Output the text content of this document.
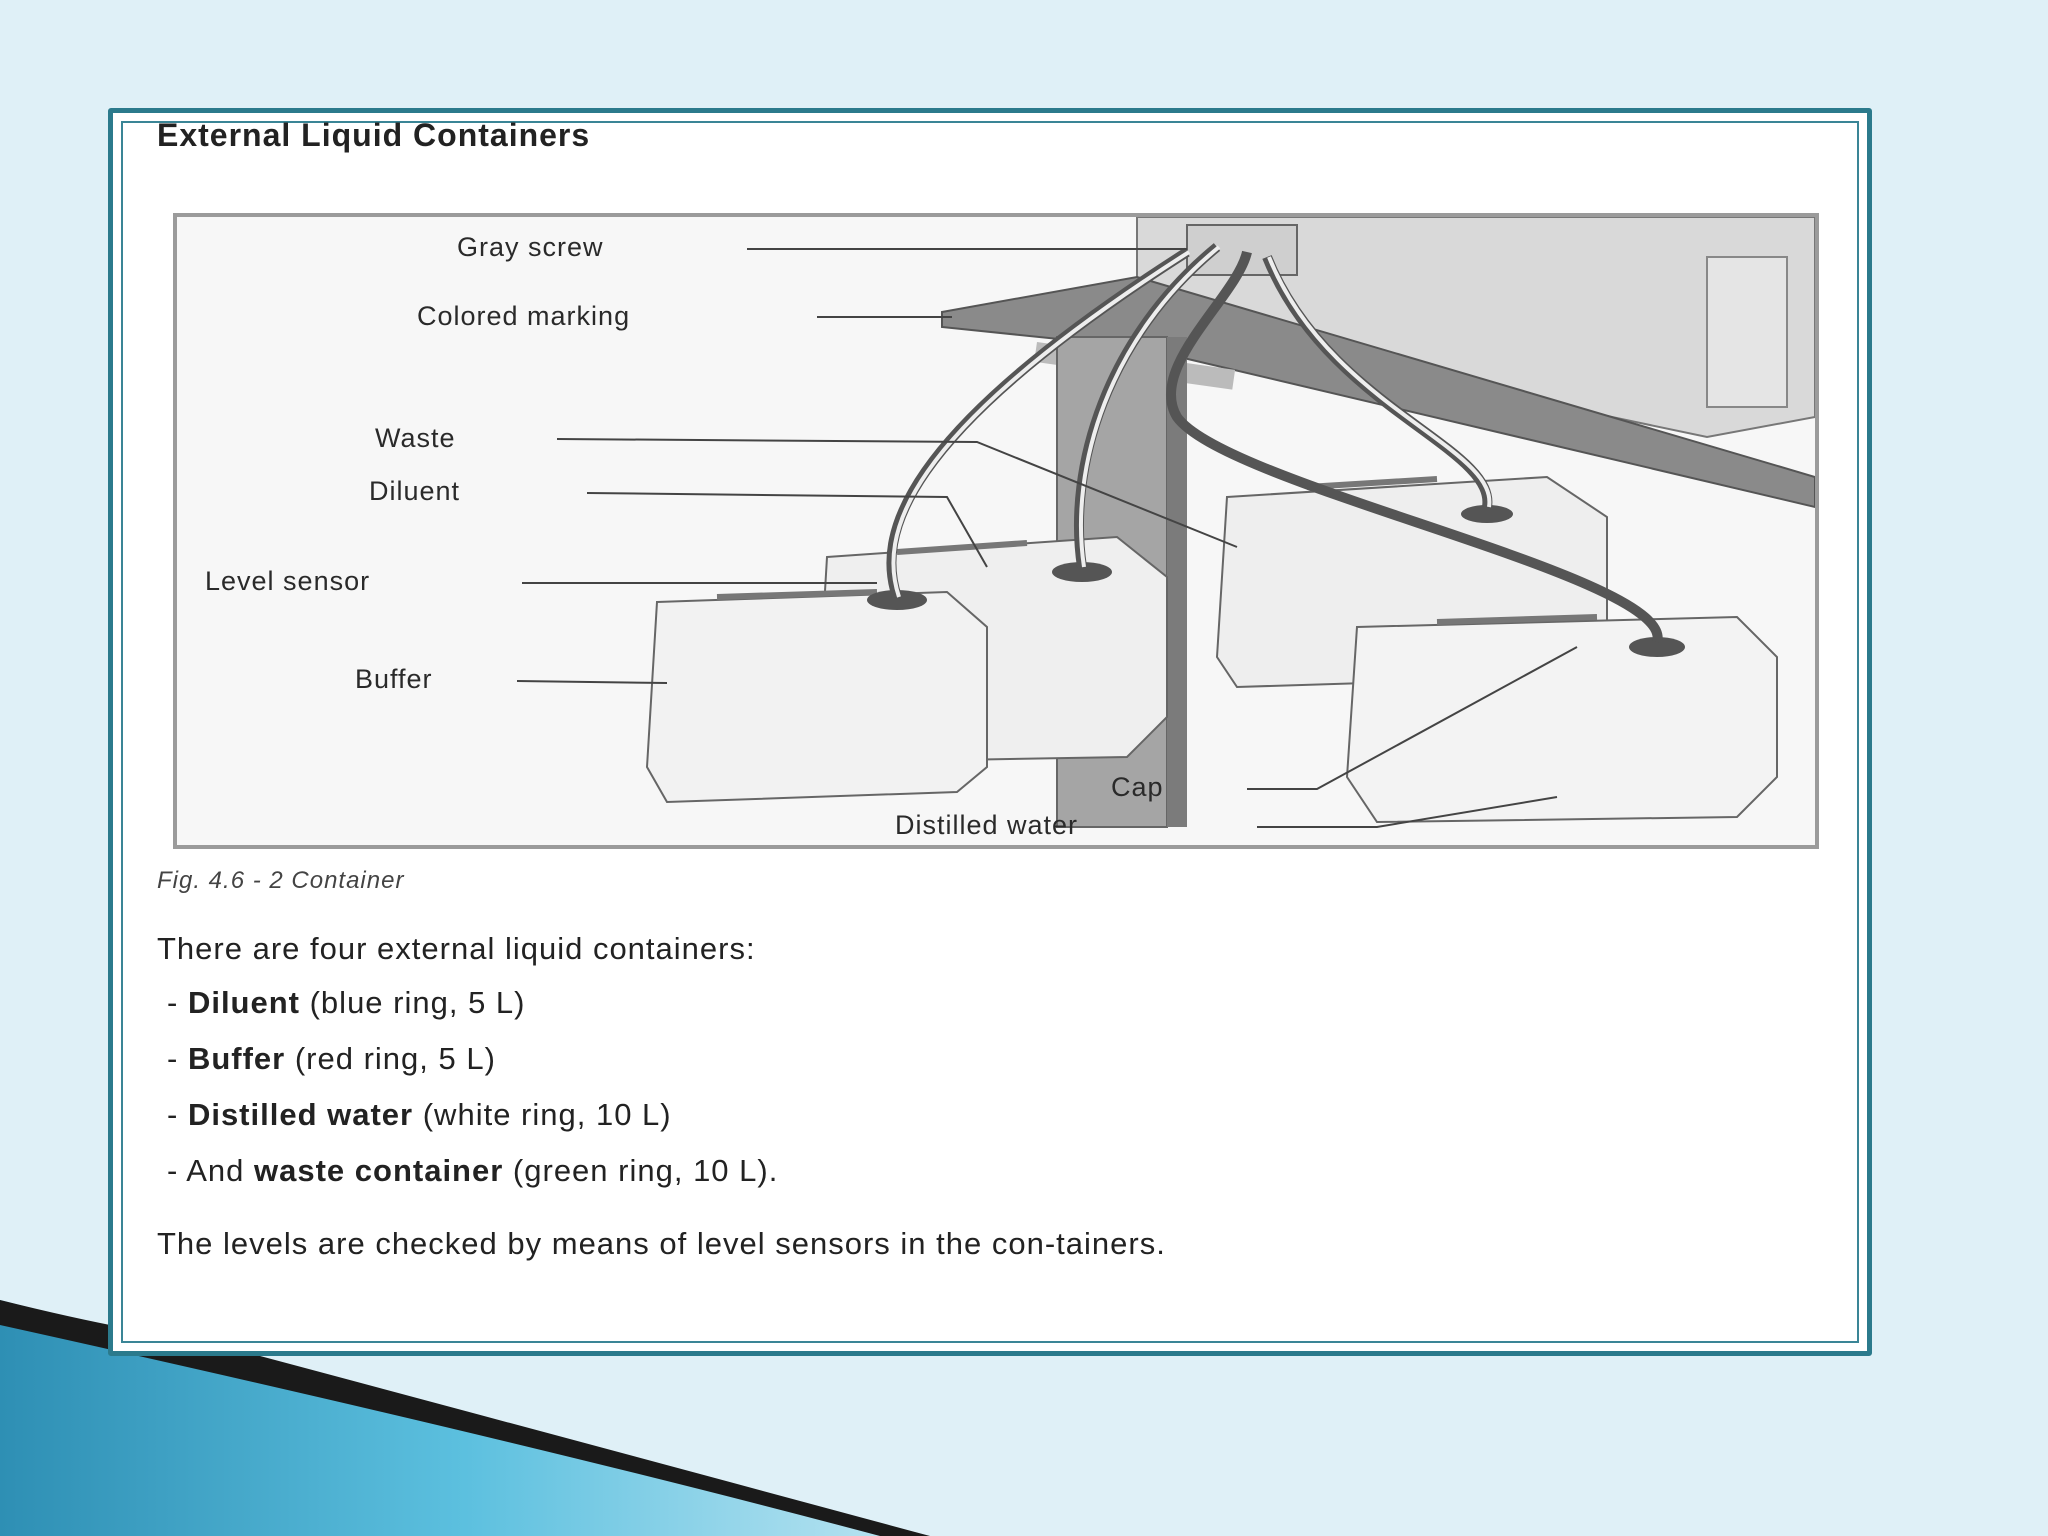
External Liquid Containers
Gray screw
Colored marking
Waste
Diluent
Level sensor
Buffer
Cap
Distilled water
Fig. 4.6 - 2 Container
There are four external liquid containers:
- Diluent (blue ring, 5 L)
- Buffer (red ring, 5 L)
- Distilled water (white ring, 10 L)
- And waste container (green ring, 10 L).
The levels are checked by means of level sensors in the con-tainers.
